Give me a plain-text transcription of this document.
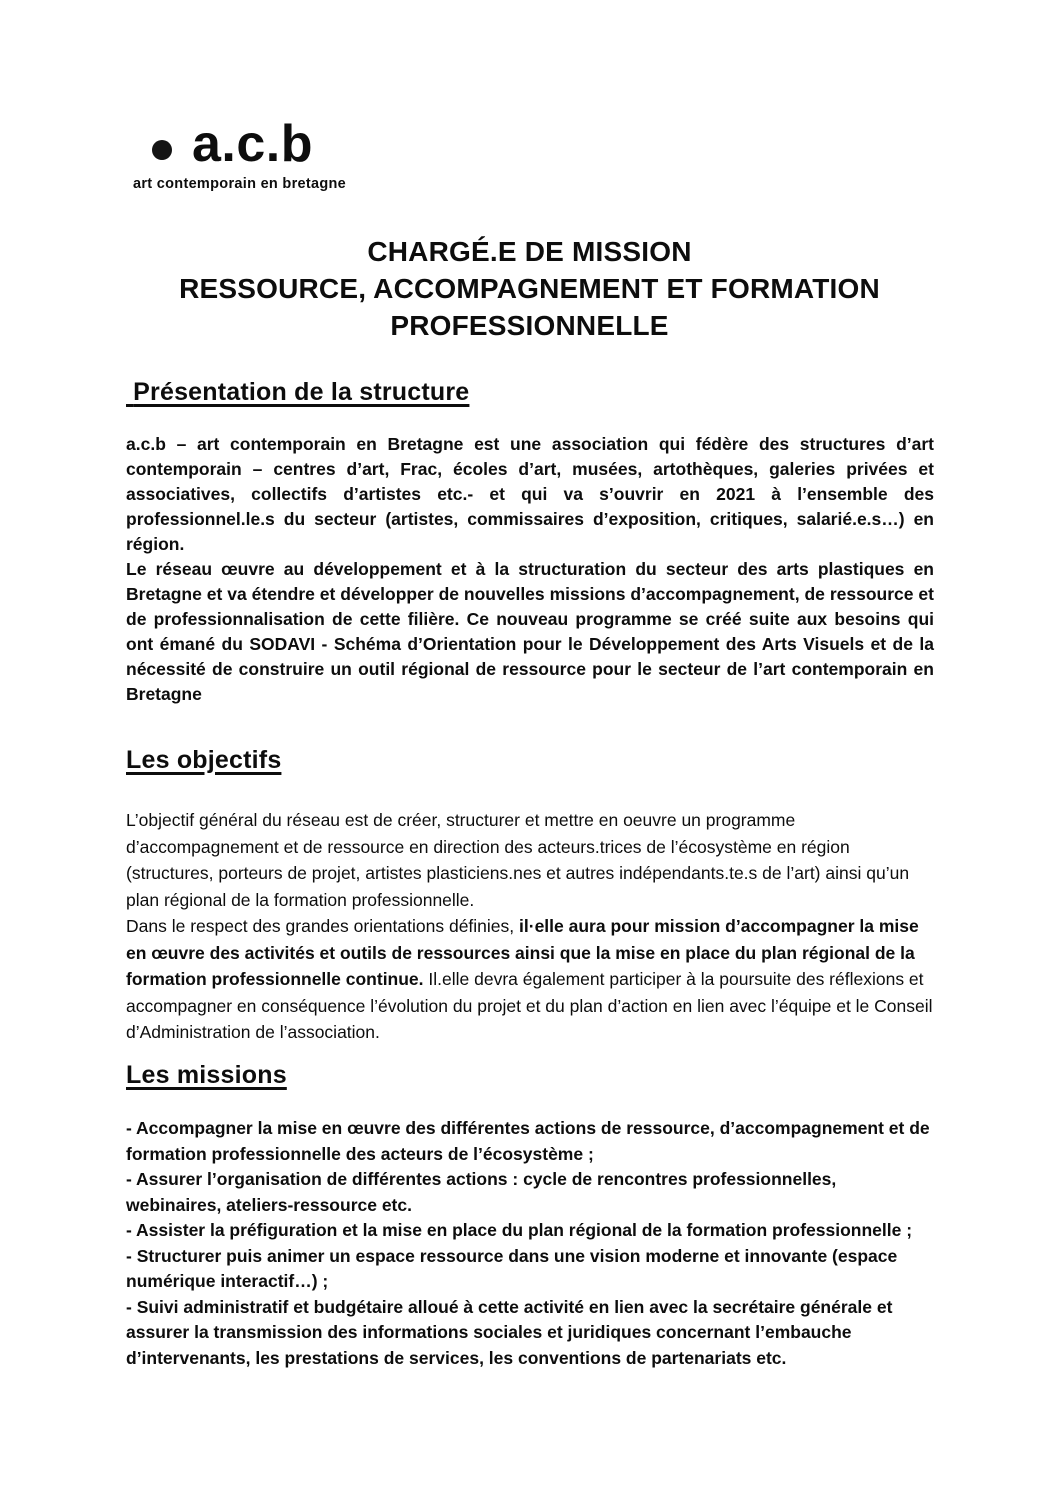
a.c.b
art contemporain en bretagne
CHARGÉ.E DE MISSION
RESSOURCE, ACCOMPAGNEMENT ET FORMATION
PROFESSIONNELLE
Présentation de la structure

a.c.b – art contemporain en Bretagne est une association qui fédère des structures d’art contemporain – centres d’art, Frac, écoles d’art, musées, artothèques, galeries privées et associatives, collectifs d’artistes etc.- et qui va s’ouvrir en 2021 à l’ensemble des professionnel.le.s du secteur (artistes, commissaires d’exposition, critiques, salarié.e.s…) en région.

Le réseau œuvre au développement et à la structuration du secteur des arts plastiques en Bretagne et va étendre et développer de nouvelles missions d’accompagnement, de ressource et de professionnalisation de cette filière. Ce nouveau programme se créé suite aux besoins qui ont émané du SODAVI - Schéma d’Orientation pour le Développement des Arts Visuels et de la nécessité de construire un outil régional de ressource pour le secteur de l’art contemporain en Bretagne

Les objectifs

L’objectif général du réseau est de créer, structurer et mettre en oeuvre un programme d’accompagnement et de ressource en direction des acteurs.trices de l’écosystème en région (structures, porteurs de projet, artistes plasticiens.nes et autres indépendants.te.s de l’art) ainsi qu’un plan régional de la formation professionnelle.

Dans le respect des grandes orientations définies, il·elle aura pour mission d’accompagner la mise en œuvre des activités et outils de ressources ainsi que la mise en place du plan régional de la formation professionnelle continue. Il.elle devra également participer à la poursuite des réflexions et accompagner en conséquence l’évolution du projet et du plan d’action en lien avec l’équipe et le Conseil d’Administration de l’association.

Les missions

- Accompagner la mise en œuvre des différentes actions de ressource, d’accompagnement et de formation professionnelle des acteurs de l’écosystème ;

- Assurer l’organisation de différentes actions : cycle de rencontres professionnelles, webinaires, ateliers-ressource etc.

- Assister la préfiguration et la mise en place du plan régional de la formation professionnelle ;

- Structurer puis animer un espace ressource dans une vision moderne et innovante (espace numérique interactif…) ;

- Suivi administratif et budgétaire alloué à cette activité en lien avec la secrétaire générale et assurer la transmission des informations sociales et juridiques concernant l’embauche d’intervenants, les prestations de services, les conventions de partenariats etc.
